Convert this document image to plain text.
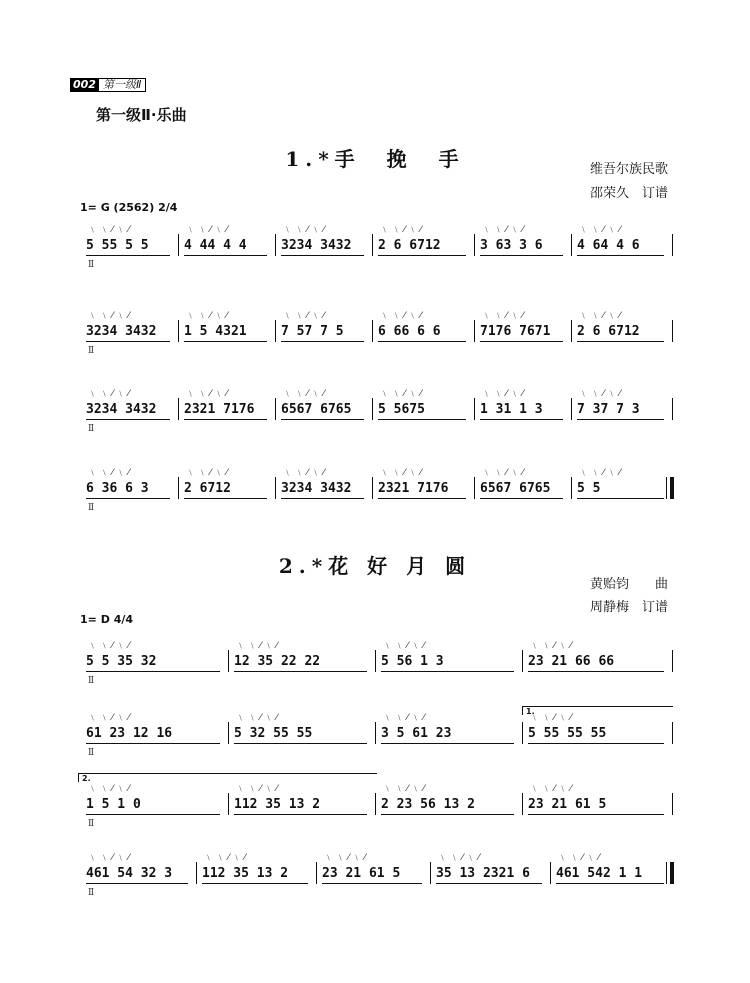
002 第一级Ⅱ
第一级Ⅱ·乐曲
1.*手　挽　手	维吾尔族民歌
邵荣久　订谱
1= G (2562) 2/4
5 55 5 5
﹨ ﹨ ⁄ ﹨ ⁄
4 44 4 4
﹨ ﹨ ⁄ ﹨ ⁄
3234 3432
﹨ ﹨ ⁄ ﹨ ⁄
2 6 6712
﹨ ﹨ ⁄ ﹨ ⁄
3 63 3 6
﹨ ﹨ ⁄ ﹨ ⁄
4 64 4 6
﹨ ﹨ ⁄ ﹨ ⁄
Ⅱ
3234 3432
﹨ ﹨ ⁄ ﹨ ⁄
1 5 4321
﹨ ﹨ ⁄ ﹨ ⁄
7 57 7 5
﹨ ﹨ ⁄ ﹨ ⁄
6 66 6 6
﹨ ﹨ ⁄ ﹨ ⁄
7176 7671
﹨ ﹨ ⁄ ﹨ ⁄
2 6 6712
﹨ ﹨ ⁄ ﹨ ⁄
Ⅱ
3234 3432
﹨ ﹨ ⁄ ﹨ ⁄
2321 7176
﹨ ﹨ ⁄ ﹨ ⁄
6567 6765
﹨ ﹨ ⁄ ﹨ ⁄
5 5675
﹨ ﹨ ⁄ ﹨ ⁄
1 31 1 3
﹨ ﹨ ⁄ ﹨ ⁄
7 37 7 3
﹨ ﹨ ⁄ ﹨ ⁄
Ⅱ
6 36 6 3
﹨ ﹨ ⁄ ﹨ ⁄
2 6712
﹨ ﹨ ⁄ ﹨ ⁄
3234 3432
﹨ ﹨ ⁄ ﹨ ⁄
2321 7176
﹨ ﹨ ⁄ ﹨ ⁄
6567 6765
﹨ ﹨ ⁄ ﹨ ⁄
5 5
﹨ ﹨ ⁄ ﹨ ⁄
Ⅱ
2.*花 好 月 圆
黄贻钧　　曲
周静梅　订谱
1= D 4/4
5 5 35 32
﹨ ﹨ ⁄ ﹨ ⁄
12 35 22 22
﹨ ﹨ ⁄ ﹨ ⁄
5 56 1 3
﹨ ﹨ ⁄ ﹨ ⁄
23 21 66 66
﹨ ﹨ ⁄ ﹨ ⁄
Ⅱ
61 23 12 16
﹨ ﹨ ⁄ ﹨ ⁄
5 32 55 55
﹨ ﹨ ⁄ ﹨ ⁄
3 5 61 23
﹨ ﹨ ⁄ ﹨ ⁄
5 55 55 55
﹨ ﹨ ⁄ ﹨ ⁄
Ⅱ
1 5 1 0
﹨ ﹨ ⁄ ﹨ ⁄
112 35 13 2
﹨ ﹨ ⁄ ﹨ ⁄
2 23 56 13 2
﹨ ﹨ ⁄ ﹨ ⁄
23 21 61 5
﹨ ﹨ ⁄ ﹨ ⁄
Ⅱ
461 54 32 3
﹨ ﹨ ⁄ ﹨ ⁄
112 35 13 2
﹨ ﹨ ⁄ ﹨ ⁄
23 21 61 5
﹨ ﹨ ⁄ ﹨ ⁄
35 13 2321 6
﹨ ﹨ ⁄ ﹨ ⁄
461 542 1 1
﹨ ﹨ ⁄ ﹨ ⁄
Ⅱ
1.
2.
